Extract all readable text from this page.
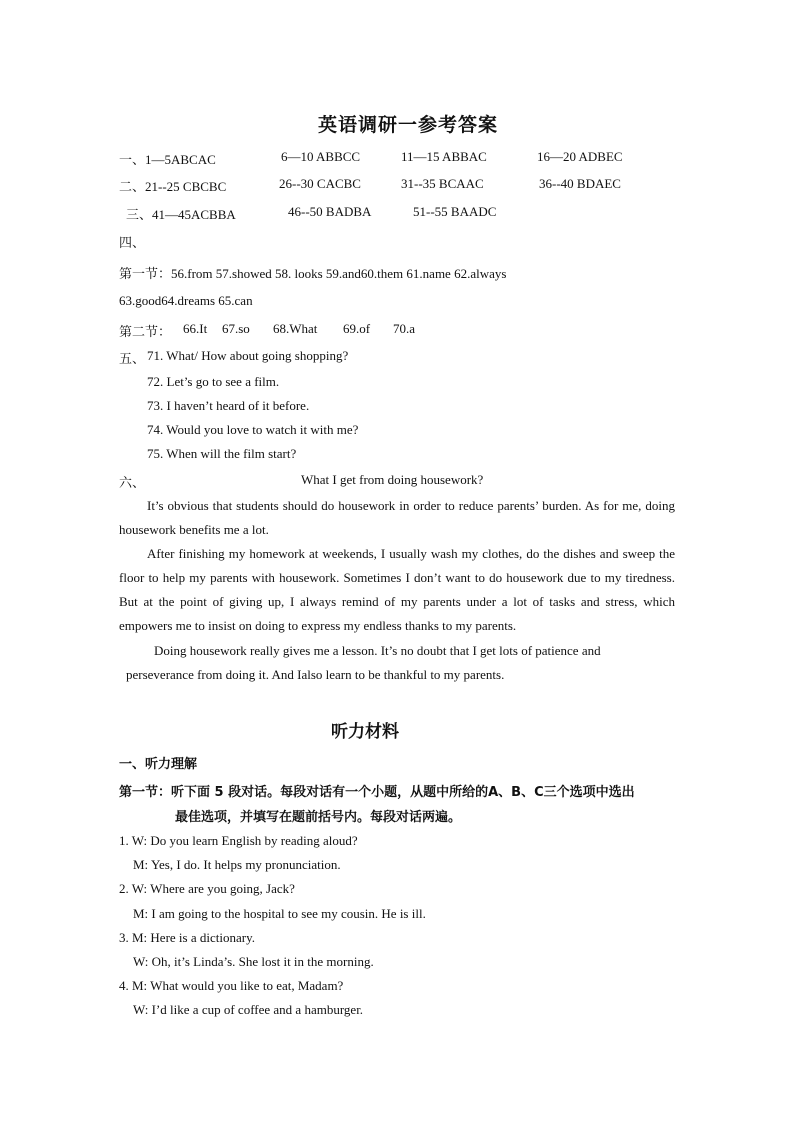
英语调研一参考答案
一、1—5ABCAC	6—10 ABBCC	11—15 ABBAC	16—20 ADBEC
二、21--25 CBCBC	26--30 CACBC	31--35 BCAAC	36--40 BDAEC
三、41—45ACBBA	46--50 BADBA	51--55 BAADC
四、
第一节：56.from 57.showed 58. looks 59.and60.them 61.name 62.always
63.good64.dreams 65.can
第二节： 66.It 67.so 68.What 69.of 70.a
五、 71. What/ How about going shopping?
72. Let’s go to see a film.
73. I haven’t heard of it before.
74. Would you love to watch it with me?
75. When will the film start?
六、	What I get from doing housework?
It’s obvious that students should do housework in order to reduce parents’ burden. As for me, doing housework benefits me a lot.
After finishing my homework at weekends, I usually wash my clothes, do the dishes and sweep the floor to help my parents with housework. Sometimes I don’t want to do housework due to my tiredness. But at the point of giving up, I always remind of my parents under a lot of tasks and stress, which empowers me to insist on doing to express my endless thanks to my parents.
Doing housework really gives me a lesson. It’s no doubt that I get lots of patience and
perseverance from doing it. And Ialso learn to be thankful to my parents.
听力材料
一、听力理解
第一节：听下面 5 段对话。每段对话有一个小题，从题中所给的A、B、C三个选项中选出
最佳选项，并填写在题前括号内。每段对话两遍。
1. W: Do you learn English by reading aloud?
M: Yes, I do. It helps my pronunciation.
2. W: Where are you going, Jack?
M: I am going to the hospital to see my cousin. He is ill.
3. M: Here is a dictionary.
W: Oh, it’s Linda’s. She lost it in the morning.
4. M: What would you like to eat, Madam?
W: I’d like a cup of coffee and a hamburger.
